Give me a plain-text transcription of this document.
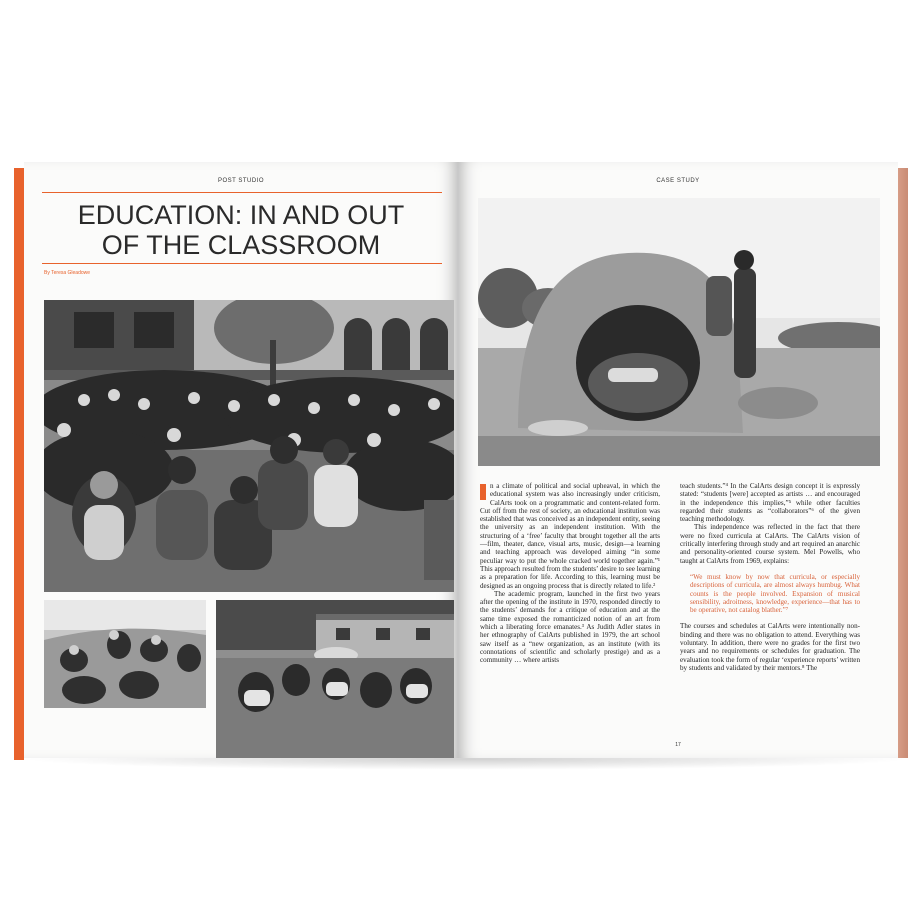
POST STUDIO
EDUCATION: IN AND OUT
OF THE CLASSROOM
By Teresa Gleadowe
CASE STUDY

n a climate of political and social upheaval, in which the educational system was also increasingly under criticism, CalArts took on a programmatic and content-related form. Cut off from the rest of society, an educational institution was established that was conceived as an independent entity, seeing the university as an independent institution. With the structuring of a ‘free’ faculty that brought together all the arts—film, theater, dance, visual arts, music, design—a learning and teaching approach was developed aiming “in some peculiar way to put the whole cracked world together again.”¹ This approach resulted from the students’ desire to see learning as a preparation for life. According to this, learning must be designed as an ongoing process that is directly related to life.²

The academic program, launched in the first two years after the opening of the institute in 1970, responded directly to the students’ demands for a critique of education and at the same time exposed the romanticized notion of an art from which a liberating force emanates.³ As Judith Adler states in her ethnography of CalArts published in 1979, the art school saw itself as a “new organization, as an institute (with its connotations of scientific and scholarly prestige) and as a community … where artists

teach students.”⁴ In the CalArts design concept it is expressly stated: “students [were] accepted as artists … and encouraged in the independence this implies,”⁵ while other faculties regarded their students as “collaborators”⁶ of the given teaching methodology.

This independence was reflected in the fact that there were no fixed curricula at CalArts. The CalArts vision of critically interfering through study and art required an anarchic and personality-oriented course system. Mel Powells, who taught at CalArts from 1969, explains:

“We must know by now that curricula, or especially descriptions of curricula, are almost always humbug. What counts is the people involved. Expansion of musical sensibility, adroitness, knowledge, experience—that has to be operative, not catalog blather.”⁷

The courses and schedules at CalArts were intentionally non-binding and there was no obligation to attend. Everything was voluntary. In addition, there were no grades for the first two years and no requirements or schedules for graduation. The evaluation took the form of regular ‘experience reports’ written by students and validated by their mentors.⁸ The

17
